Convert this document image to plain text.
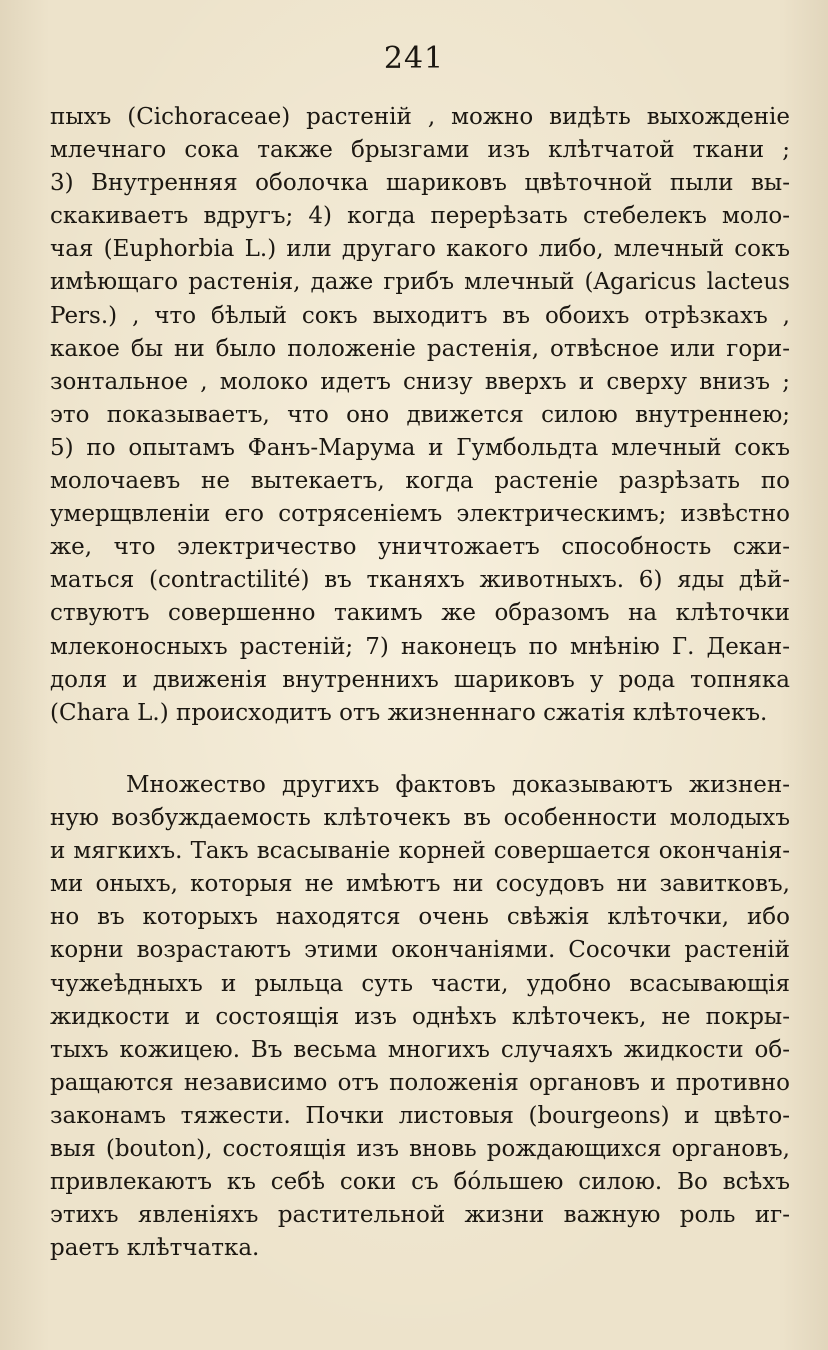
241
пыхъ (Cichoraceae) растеній , можно видѣть выхожденіе
млечнаго сока также брызгами изъ клѣтчатой ткани ;
3) Внутренняя оболочка шариковъ цвѣточной пыли вы-
скакиваетъ вдругъ; 4) когда перерѣзать стебелекъ моло-
чая (Euphorbia L.) или другаго какого либо, млечный сокъ
имѣющаго растенія, даже грибъ млечный (Agaricus lacteus
Pers.) , что бѣлый сокъ выходитъ въ обоихъ отрѣзкахъ ,
какое бы ни было положеніе растенія, отвѣсное или гори-
зонтальное , молоко идетъ снизу вверхъ и сверху внизъ ;
это показываетъ, что оно движется силою внутреннею;
5) по опытамъ Фанъ-Марума и Гумбольдта млечный сокъ
молочаевъ не вытекаетъ, когда растеніе разрѣзать по
умерщвленіи его сотрясеніемъ электрическимъ; извѣстно
же, что электричество уничтожаетъ способность сжи-
маться (contractilité) въ тканяхъ животныхъ. 6) яды дѣй-
ствуютъ совершенно такимъ же образомъ на клѣточки
млеконосныхъ растеній; 7) наконецъ по мнѣнію Г. Декан-
доля и движенія внутреннихъ шариковъ у рода топняка
(Chara L.) происходитъ отъ жизненнаго сжатія клѣточекъ.
Множество другихъ фактовъ доказываютъ жизнен-
ную возбуждаемость клѣточекъ въ особенности молодыхъ
и мягкихъ. Такъ всасываніе корней совершается окончанія-
ми оныхъ, которыя не имѣютъ ни сосудовъ ни завитковъ,
но въ которыхъ находятся очень свѣжія клѣточки, ибо
корни возрастаютъ этими окончаніями. Сосочки растеній
чужеѣдныхъ и рыльца суть части, удобно всасывающія
жидкости и состоящія изъ однѣхъ клѣточекъ, не покры-
тыхъ кожицею. Въ весьма многихъ случаяхъ жидкости об-
ращаются независимо отъ положенія органовъ и противно
законамъ тяжести. Почки листовыя (bourgeons) и цвѣто-
выя (bouton), состоящія изъ вновь рождающихся органовъ,
привлекаютъ къ себѣ соки съ бо́льшею силою. Во всѣхъ
этихъ явленіяхъ растительной жизни важную роль иг-
раетъ клѣтчатка.
